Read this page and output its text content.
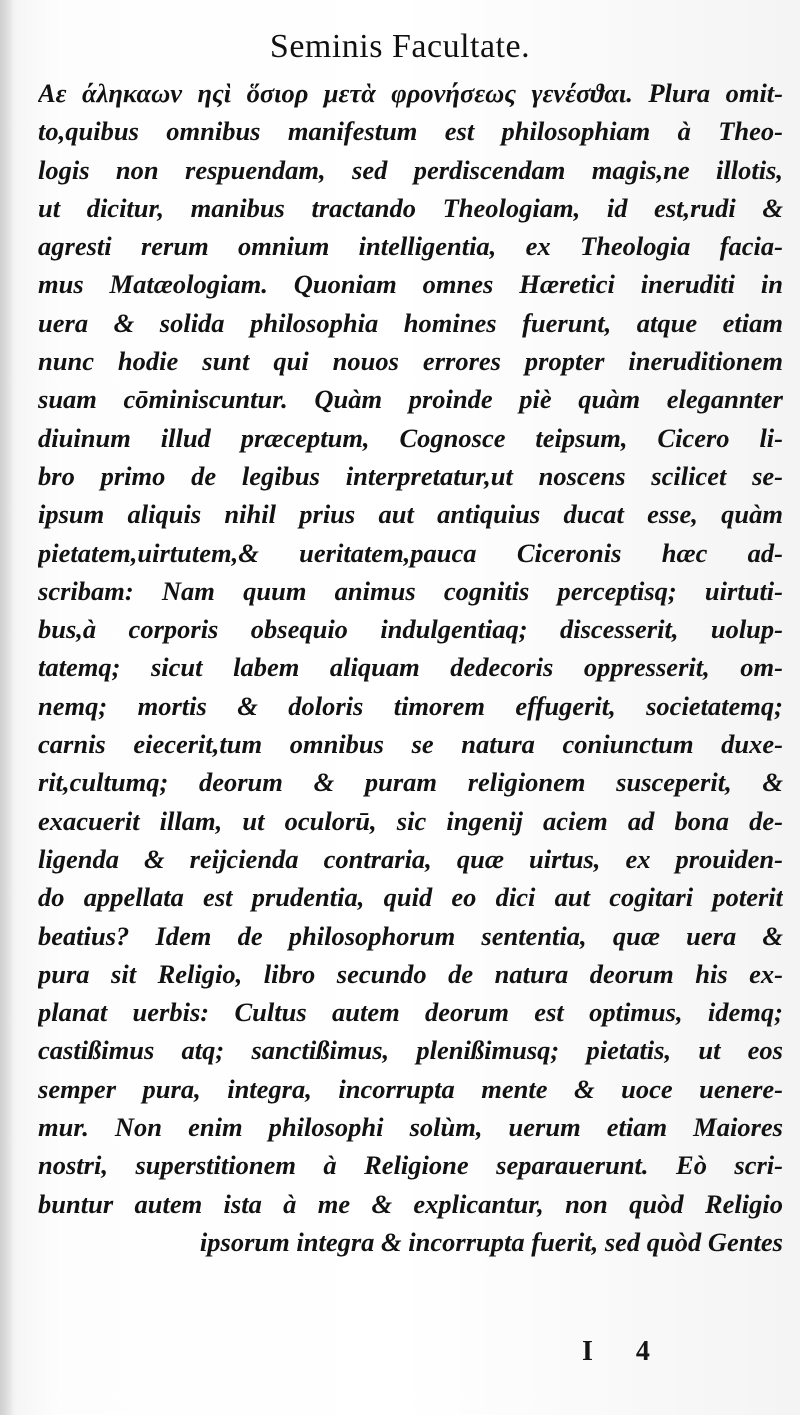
Seminis Facultate.
Αε άληκαων ηςὶ ὅσιορ μετὰ φρονήσεως γενέσϑαι. Plura omit-
to,quibus omnibus manifestum est philosophiam à Theo-
logis non respuendam, sed perdiscendam magis,ne illotis,
ut dicitur, manibus tractando Theologiam, id est,rudi &
agresti rerum omnium intelligentia, ex Theologia facia-
mus Matæologiam. Quoniam omnes Hæretici ineruditi in
uera & solida philosophia homines fuerunt, atque etiam
nunc hodie sunt qui nouos errores propter ineruditionem
suam cōminiscuntur. Quàm proinde piè quàm elegannter
diuinum illud præceptum, Cognosce teipsum, Cicero li-
bro primo de legibus interpretatur,ut noscens scilicet se-
ipsum aliquis nihil prius aut antiquius ducat esse, quàm
pietatem,uirtutem,& ueritatem,pauca Ciceronis hæc ad-
scribam: Nam quum animus cognitis perceptisq; uirtuti-
bus,à corporis obsequio indulgentiaq; discesserit, uolup-
tatemq; sicut labem aliquam dedecoris oppresserit, om-
nemq; mortis & doloris timorem effugerit, societatemq;
carnis eiecerit,tum omnibus se natura coniunctum duxe-
rit,cultumq; deorum & puram religionem susceperit, &
exacuerit illam, ut oculorū, sic ingenij aciem ad bona de-
ligenda & reijcienda contraria, quæ uirtus, ex prouiden-
do appellata est prudentia, quid eo dici aut cogitari poterit
beatius? Idem de philosophorum sententia, quæ uera &
pura sit Religio, libro secundo de natura deorum his ex-
planat uerbis: Cultus autem deorum est optimus, idemq;
castißimus atq; sanctißimus, plenißimusq; pietatis, ut eos
semper pura, integra, incorrupta mente & uoce uenere-
mur. Non enim philosophi solùm, uerum etiam Maiores
nostri, superstitionem à Religione separauerunt. Eò scri-
buntur autem ista à me & explicantur, non quòd Religio
ipsorum integra & incorrupta fuerit, sed quòd Gentes
I 4
